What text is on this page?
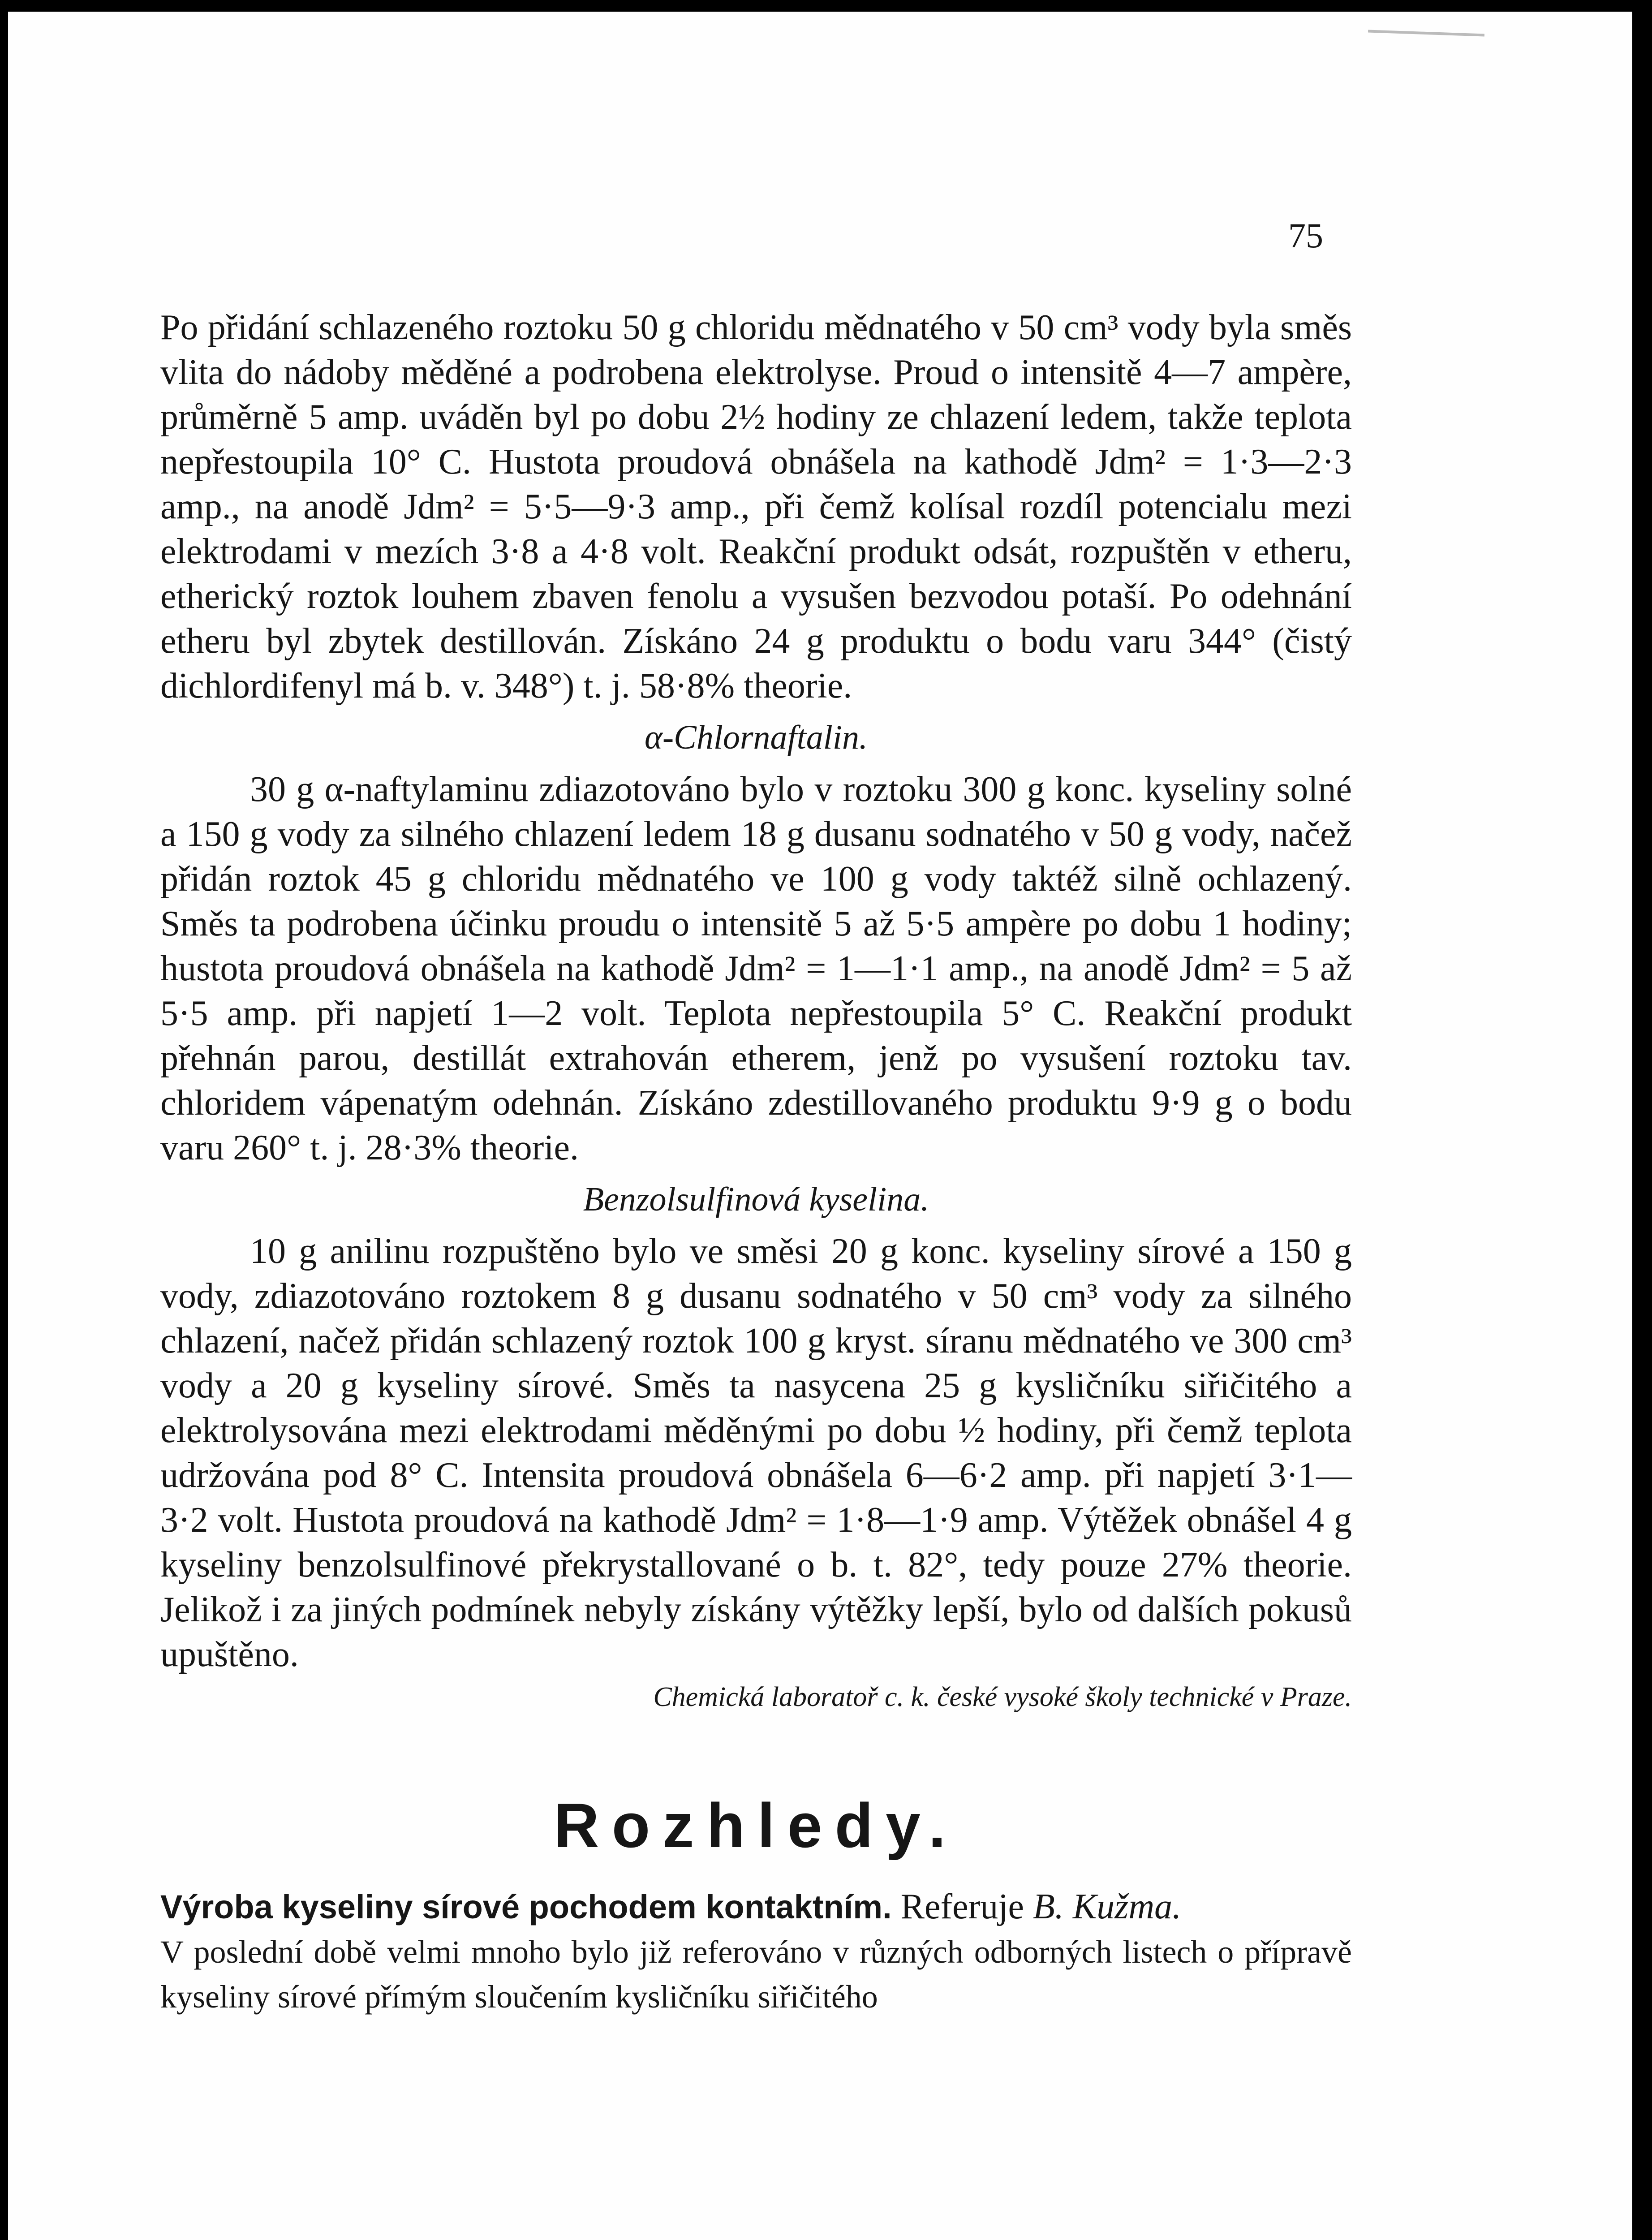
75

Po přidání schlazeného roztoku 50 g chloridu mědnatého v 50 cm³ vody byla směs vlita do nádoby měděné a podrobena elektrolyse. Proud o intensitě 4—7 ampère, průměrně 5 amp. uváděn byl po dobu 2½ hodiny ze chlazení ledem, takže teplota nepřestoupila 10° C. Hustota proudová obnášela na kathodě Jdm² = 1·3—2·3 amp., na anodě Jdm² = 5·5—9·3 amp., při čemž kolísal rozdíl potencialu mezi elektrodami v mezích 3·8 a 4·8 volt. Reakční produkt odsát, rozpuštěn v etheru, etherický roztok louhem zbaven fenolu a vysušen bezvodou potaší. Po odehnání etheru byl zbytek destillován. Získáno 24 g produktu o bodu varu 344° (čistý dichlordifenyl má b. v. 348°) t. j. 58·8% theorie.

α-Chlornaftalin.

30 g α-naftylaminu zdiazotováno bylo v roztoku 300 g konc. kyseliny solné a 150 g vody za silného chlazení ledem 18 g dusanu sodnatého v 50 g vody, načež přidán roztok 45 g chloridu mědnatého ve 100 g vody taktéž silně ochlazený. Směs ta podrobena účinku proudu o intensitě 5 až 5·5 ampère po dobu 1 hodiny; hustota proudová obnášela na kathodě Jdm² = 1—1·1 amp., na anodě Jdm² = 5 až 5·5 amp. při napjetí 1—2 volt. Teplota nepřestoupila 5° C. Reakční produkt přehnán parou, destillát extrahován etherem, jenž po vysušení roztoku tav. chloridem vápenatým odehnán. Získáno zdestillovaného produktu 9·9 g o bodu varu 260° t. j. 28·3% theorie.

Benzolsulfinová kyselina.

10 g anilinu rozpuštěno bylo ve směsi 20 g konc. kyseliny sírové a 150 g vody, zdiazotováno roztokem 8 g dusanu sodnatého v 50 cm³ vody za silného chlazení, načež přidán schlazený roztok 100 g kryst. síranu mědnatého ve 300 cm³ vody a 20 g kyseliny sírové. Směs ta nasycena 25 g kysličníku siřičitého a elektrolysována mezi elektrodami měděnými po dobu ½ hodiny, při čemž teplota udržována pod 8° C. Intensita proudová obnášela 6—6·2 amp. při napjetí 3·1—3·2 volt. Hustota proudová na kathodě Jdm² = 1·8—1·9 amp. Výtěžek obnášel 4 g kyseliny benzolsulfinové překrystallované o b. t. 82°, tedy pouze 27% theorie. Jelikož i za jiných podmínek nebyly získány výtěžky lepší, bylo od dalších pokusů upuštěno.

Chemická laboratoř c. k. české vysoké školy technické v Praze.

Rozhledy.

Výroba kyseliny sírové pochodem kontaktním. Referuje B. Kužma.

V poslední době velmi mnoho bylo již referováno v různých odborných listech o přípravě kyseliny sírové přímým sloučením kysličníku siřičitého
